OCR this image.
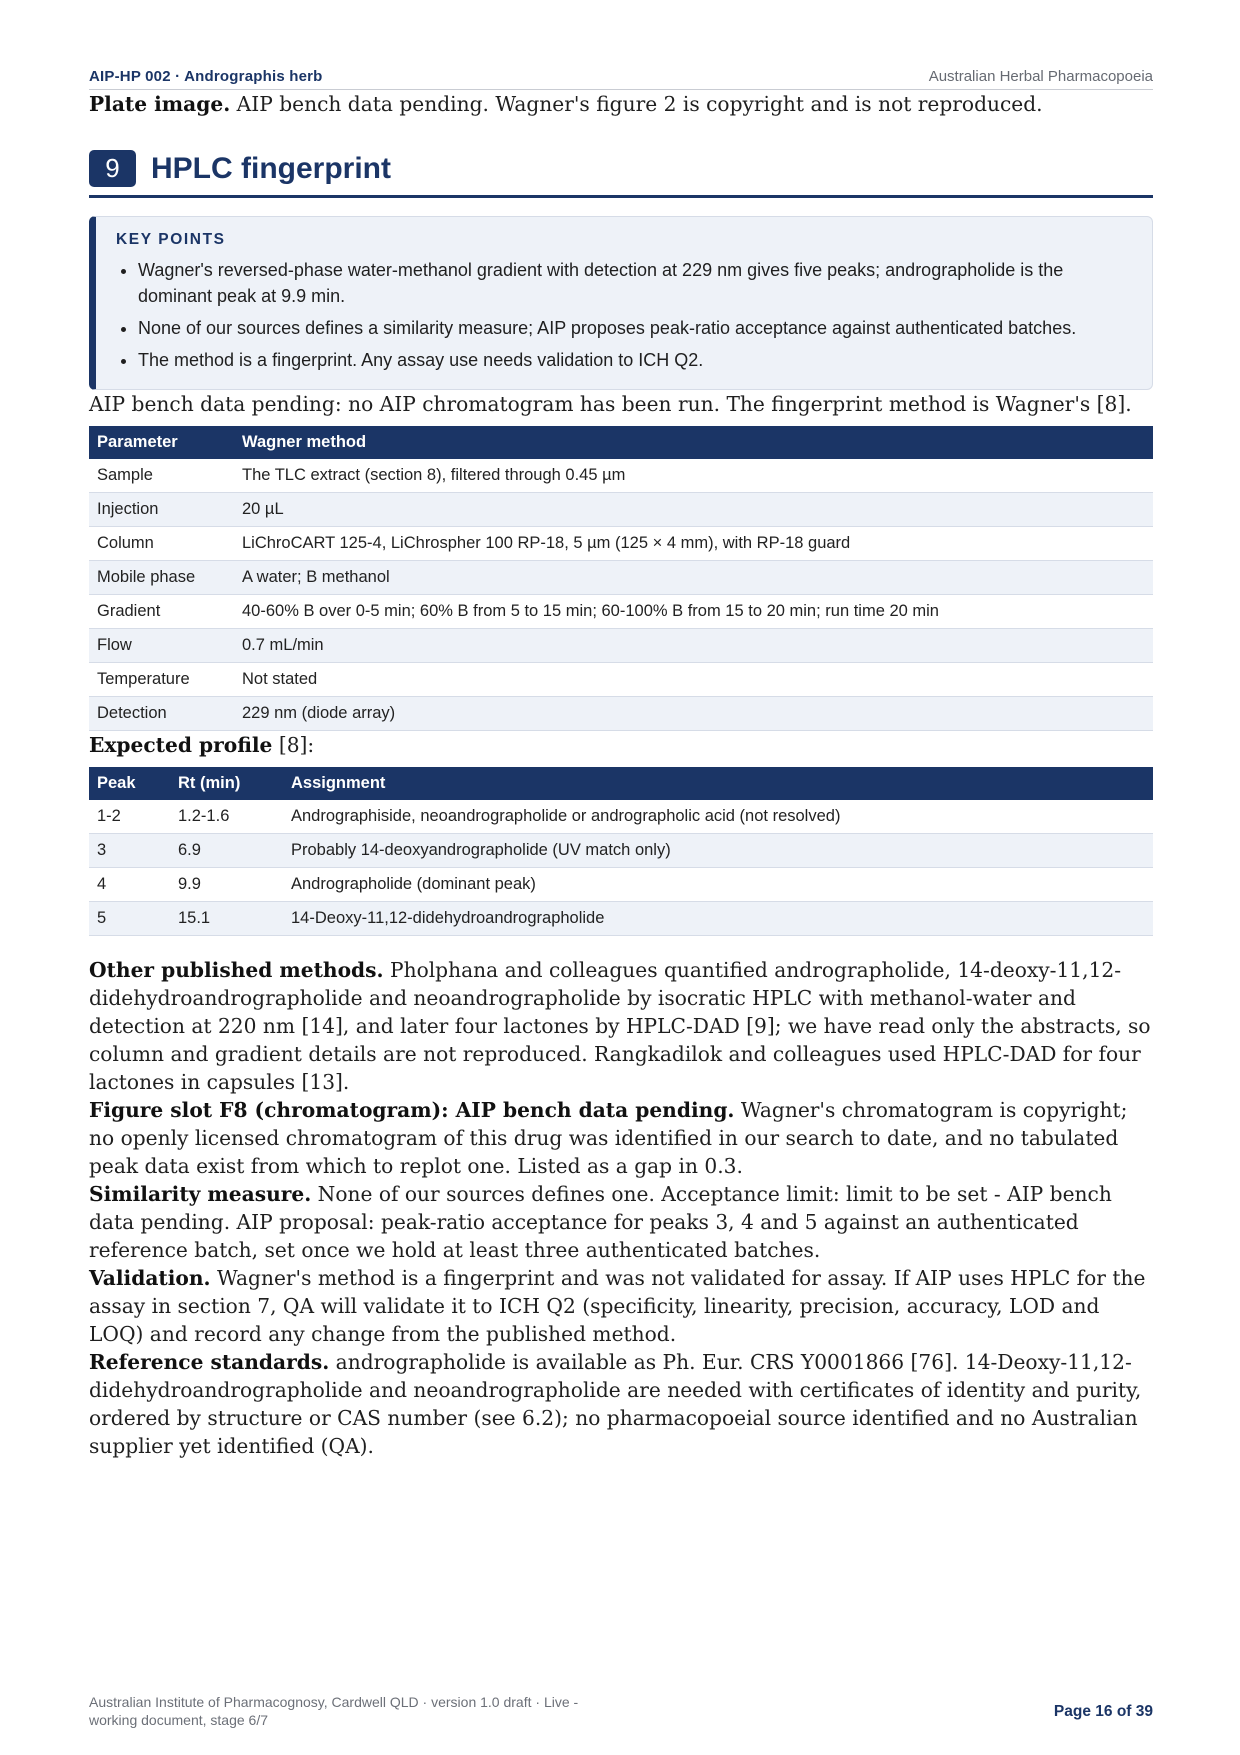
AIP-HP 002 · Andrographis herb	Australian Herbal Pharmacopoeia

Plate image. AIP bench data pending. Wagner's figure 2 is copyright and is not reproduced.

9	HPLC fingerprint
KEY POINTS
• Wagner's reversed-phase water-methanol gradient with detection at 229 nm gives five peaks; andrographolide is the dominant peak at 9.9 min.
• None of our sources defines a similarity measure; AIP proposes peak-ratio acceptance against authenticated batches.
• The method is a fingerprint. Any assay use needs validation to ICH Q2.

AIP bench data pending: no AIP chromatogram has been run. The fingerprint method is Wagner's [8].

Parameter	Wagner method
Sample	The TLC extract (section 8), filtered through 0.45 µm
Injection	20 µL
Column	LiChroCART 125-4, LiChrospher 100 RP-18, 5 µm (125 × 4 mm), with RP-18 guard
Mobile phase	A water; B methanol
Gradient	40-60% B over 0-5 min; 60% B from 5 to 15 min; 60-100% B from 15 to 20 min; run time 20 min
Flow	0.7 mL/min
Temperature	Not stated
Detection	229 nm (diode array)

Expected profile [8]:

Peak	Rt (min)	Assignment
1-2	1.2-1.6	Andrographiside, neoandrographolide or andrographolic acid (not resolved)
3	6.9	Probably 14-deoxyandrographolide (UV match only)
4	9.9	Andrographolide (dominant peak)
5	15.1	14-Deoxy-11,12-didehydroandrographolide

Other published methods. Pholphana and colleagues quantified andrographolide, 14-deoxy-11,12-didehydroandrographolide and neoandrographolide by isocratic HPLC with methanol-water and detection at 220 nm [14], and later four lactones by HPLC-DAD [9]; we have read only the abstracts, so column and gradient details are not reproduced. Rangkadilok and colleagues used HPLC-DAD for four lactones in capsules [13].

Figure slot F8 (chromatogram): AIP bench data pending. Wagner's chromatogram is copyright; no openly licensed chromatogram of this drug was identified in our search to date, and no tabulated peak data exist from which to replot one. Listed as a gap in 0.3.

Similarity measure. None of our sources defines one. Acceptance limit: limit to be set - AIP bench data pending. AIP proposal: peak-ratio acceptance for peaks 3, 4 and 5 against an authenticated reference batch, set once we hold at least three authenticated batches.

Validation. Wagner's method is a fingerprint and was not validated for assay. If AIP uses HPLC for the assay in section 7, QA will validate it to ICH Q2 (specificity, linearity, precision, accuracy, LOD and LOQ) and record any change from the published method.

Reference standards. andrographolide is available as Ph. Eur. CRS Y0001866 [76]. 14-Deoxy-11,12-didehydroandrographolide and neoandrographolide are needed with certificates of identity and purity, ordered by structure or CAS number (see 6.2); no pharmacopoeial source identified and no Australian supplier yet identified (QA).

Australian Institute of Pharmacognosy, Cardwell QLD · version 1.0 draft · Live - working document, stage 6/7	Page 16 of 39
